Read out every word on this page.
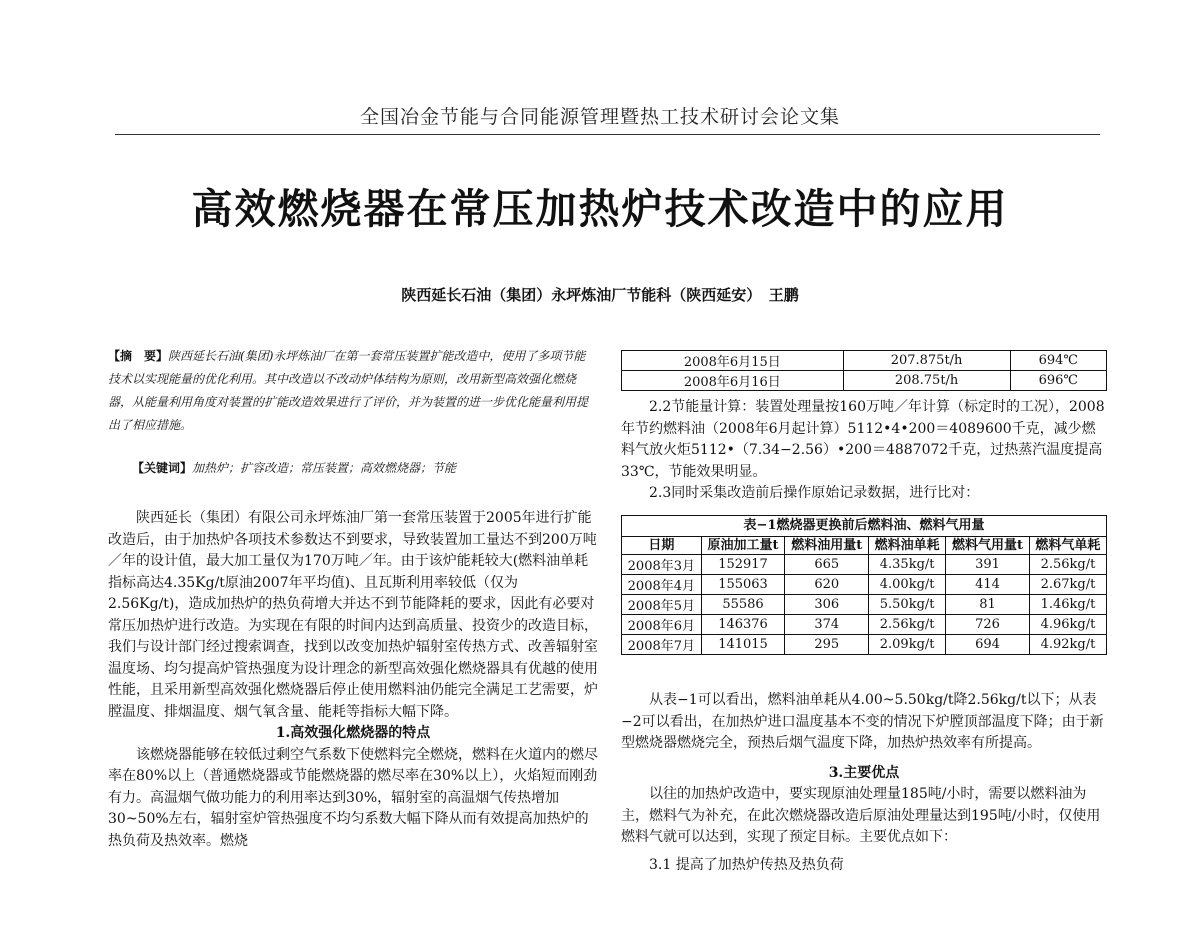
全国冶金节能与合同能源管理暨热工技术研讨会论文集
高效燃烧器在常压加热炉技术改造中的应用
陕西延长石油（集团）永坪炼油厂节能科（陕西延安）　王鹏
【摘　要】陕西延长石油(集团)永坪炼油厂在第一套常压装置扩能改造中，使用了多项节能技术以实现能量的优化利用。其中改造以不改动炉体结构为原则，改用新型高效强化燃烧器，从能量利用角度对装置的扩能改造效果进行了评价，并为装置的进一步优化能量利用提出了相应措施。
【关键词】加热炉；扩容改造；常压装置；高效燃烧器；节能

陕西延长（集团）有限公司永坪炼油厂第一套常压装置于2005年进行扩能改造后，由于加热炉各项技术参数达不到要求，导致装置加工量达不到200万吨／年的设计值，最大加工量仅为170万吨／年。由于该炉能耗较大(燃料油单耗指标高达4.35Kg/t原油2007年平均值)、且瓦斯利用率较低（仅为2.56Kg/t)，造成加热炉的热负荷增大并达不到节能降耗的要求，因此有必要对常压加热炉进行改造。为实现在有限的时间内达到高质量、投资少的改造目标，我们与设计部门经过搜索调查，找到以改变加热炉辐射室传热方式、改善辐射室温度场、均匀提高炉管热强度为设计理念的新型高效强化燃烧器具有优越的使用性能，且采用新型高效强化燃烧器后停止使用燃料油仍能完全满足工艺需要，炉膛温度、排烟温度、烟气氧含量、能耗等指标大幅下降。

1.高效强化燃烧器的特点

该燃烧器能够在较低过剩空气系数下使燃料完全燃烧，燃料在火道内的燃尽率在80%以上（普通燃烧器或节能燃烧器的燃尽率在30%以上），火焰短而刚劲有力。高温烟气做功能力的利用率达到30%，辐射室的高温烟气传热增加30~50%左右，辐射室炉管热强度不均匀系数大幅下降从而有效提高加热炉的热负荷及热效率。燃烧

2008年6月15日	207.875t/h	694℃
2008年6月16日	208.75t/h	696℃

2.2节能量计算：装置处理量按160万吨／年计算（标定时的工况），2008年节约燃料油（2008年6月起计算）5112•4•200＝4089600千克，减少燃料气放火炬5112•（7.34−2.56）•200＝4887072千克，过热蒸汽温度提高33℃，节能效果明显。

2.3同时采集改造前后操作原始记录数据，进行比对：

表−1燃烧器更换前后燃料油、燃料气用量
日期	原油加工量t	燃料油用量t	燃料油单耗	燃料气用量t	燃料气单耗
2008年3月	152917	665	4.35kg/t	391	2.56kg/t
2008年4月	155063	620	4.00kg/t	414	2.67kg/t
2008年5月	55586	306	5.50kg/t	81	1.46kg/t
2008年6月	146376	374	2.56kg/t	726	4.96kg/t
2008年7月	141015	295	2.09kg/t	694	4.92kg/t

从表−1可以看出，燃料油单耗从4.00~5.50kg/t降2.56kg/t以下；从表−2可以看出，在加热炉进口温度基本不变的情况下炉膛顶部温度下降；由于新型燃烧器燃烧完全，预热后烟气温度下降，加热炉热效率有所提高。

3.主要优点

以往的加热炉改造中，要实现原油处理量185吨/小时，需要以燃料油为主，燃料气为补充，在此次燃烧器改造后原油处理量达到195吨/小时，仅使用燃料气就可以达到，实现了预定目标。主要优点如下：

3.1 提高了加热炉传热及热负荷
